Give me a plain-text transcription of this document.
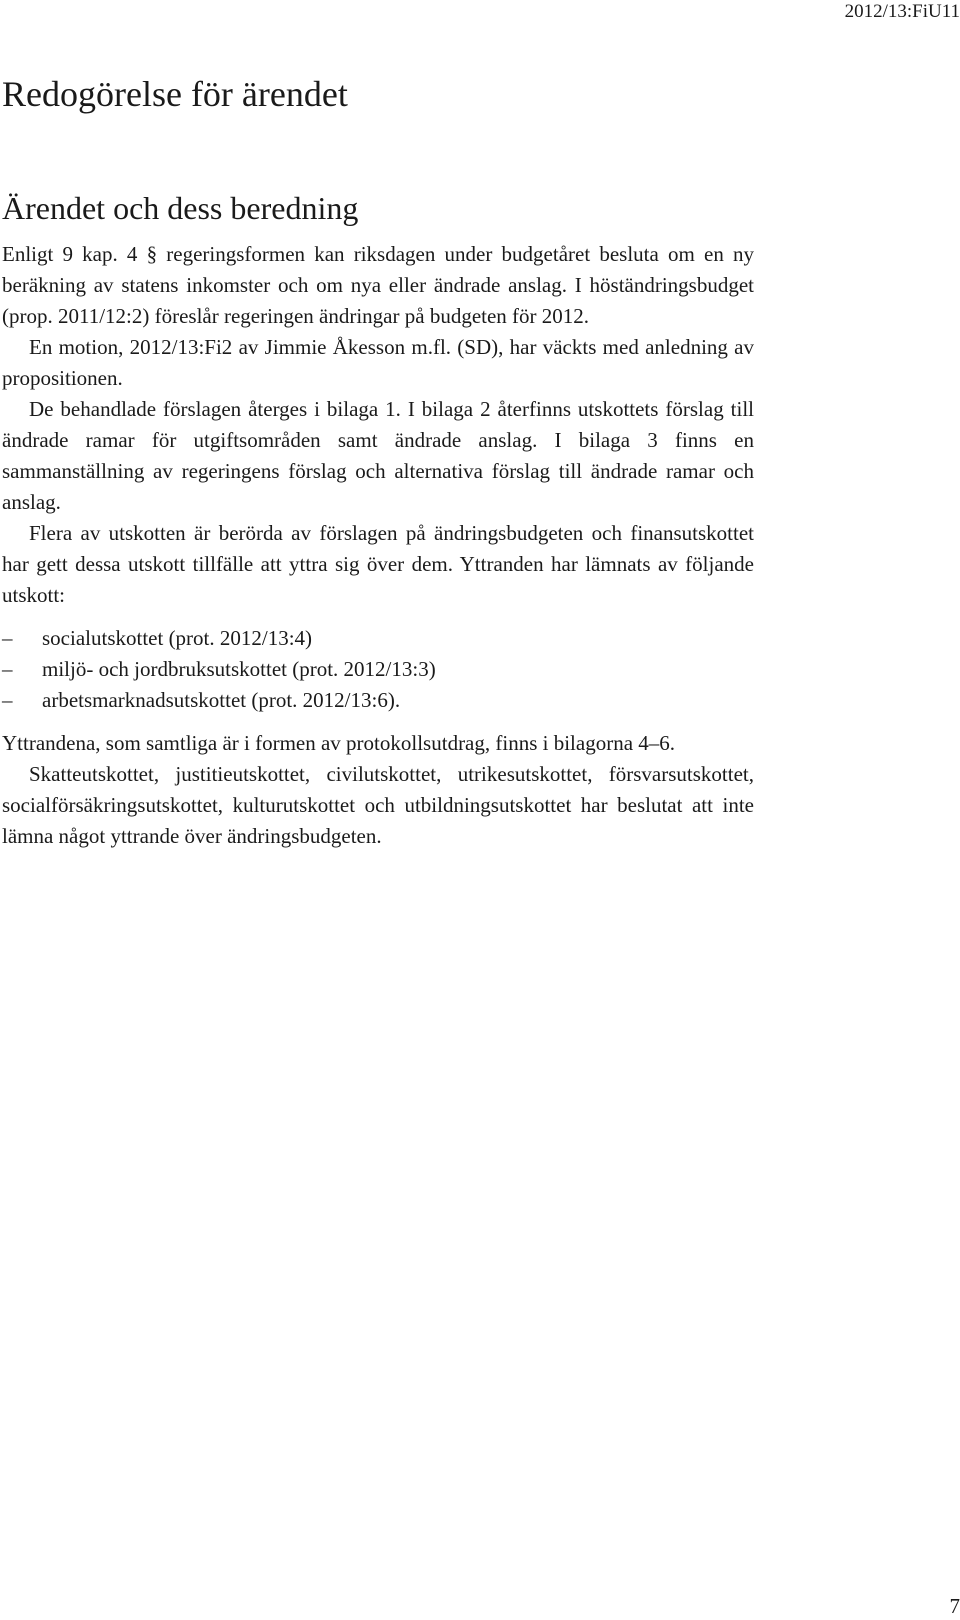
2012/13:FiU11
Redogörelse för ärendet
Ärendet och dess beredning

Enligt 9 kap. 4 § regeringsformen kan riksdagen under budgetåret besluta om en ny beräkning av statens inkomster och om nya eller ändrade anslag. I höständringsbudget (prop. 2011/12:2) föreslår regeringen ändringar på budgeten för 2012.

En motion, 2012/13:Fi2 av Jimmie Åkesson m.fl. (SD), har väckts med anledning av propositionen.

De behandlade förslagen återges i bilaga 1. I bilaga 2 återfinns utskottets förslag till ändrade ramar för utgiftsområden samt ändrade anslag. I bilaga 3 finns en sammanställning av regeringens förslag och alternativa förslag till ändrade ramar och anslag.

Flera av utskotten är berörda av förslagen på ändringsbudgeten och finansutskottet har gett dessa utskott tillfälle att yttra sig över dem. Yttranden har lämnats av följande utskott:

– socialutskottet (prot. 2012/13:4)
– miljö- och jordbruksutskottet (prot. 2012/13:3)
– arbetsmarknadsutskottet (prot. 2012/13:6).

Yttrandena, som samtliga är i formen av protokollsutdrag, finns i bilagorna 4–6.

Skatteutskottet, justitieutskottet, civilutskottet, utrikesutskottet, försvarsutskottet, socialförsäkringsutskottet, kulturutskottet och utbildningsutskottet har beslutat att inte lämna något yttrande över ändringsbudgeten.

7
